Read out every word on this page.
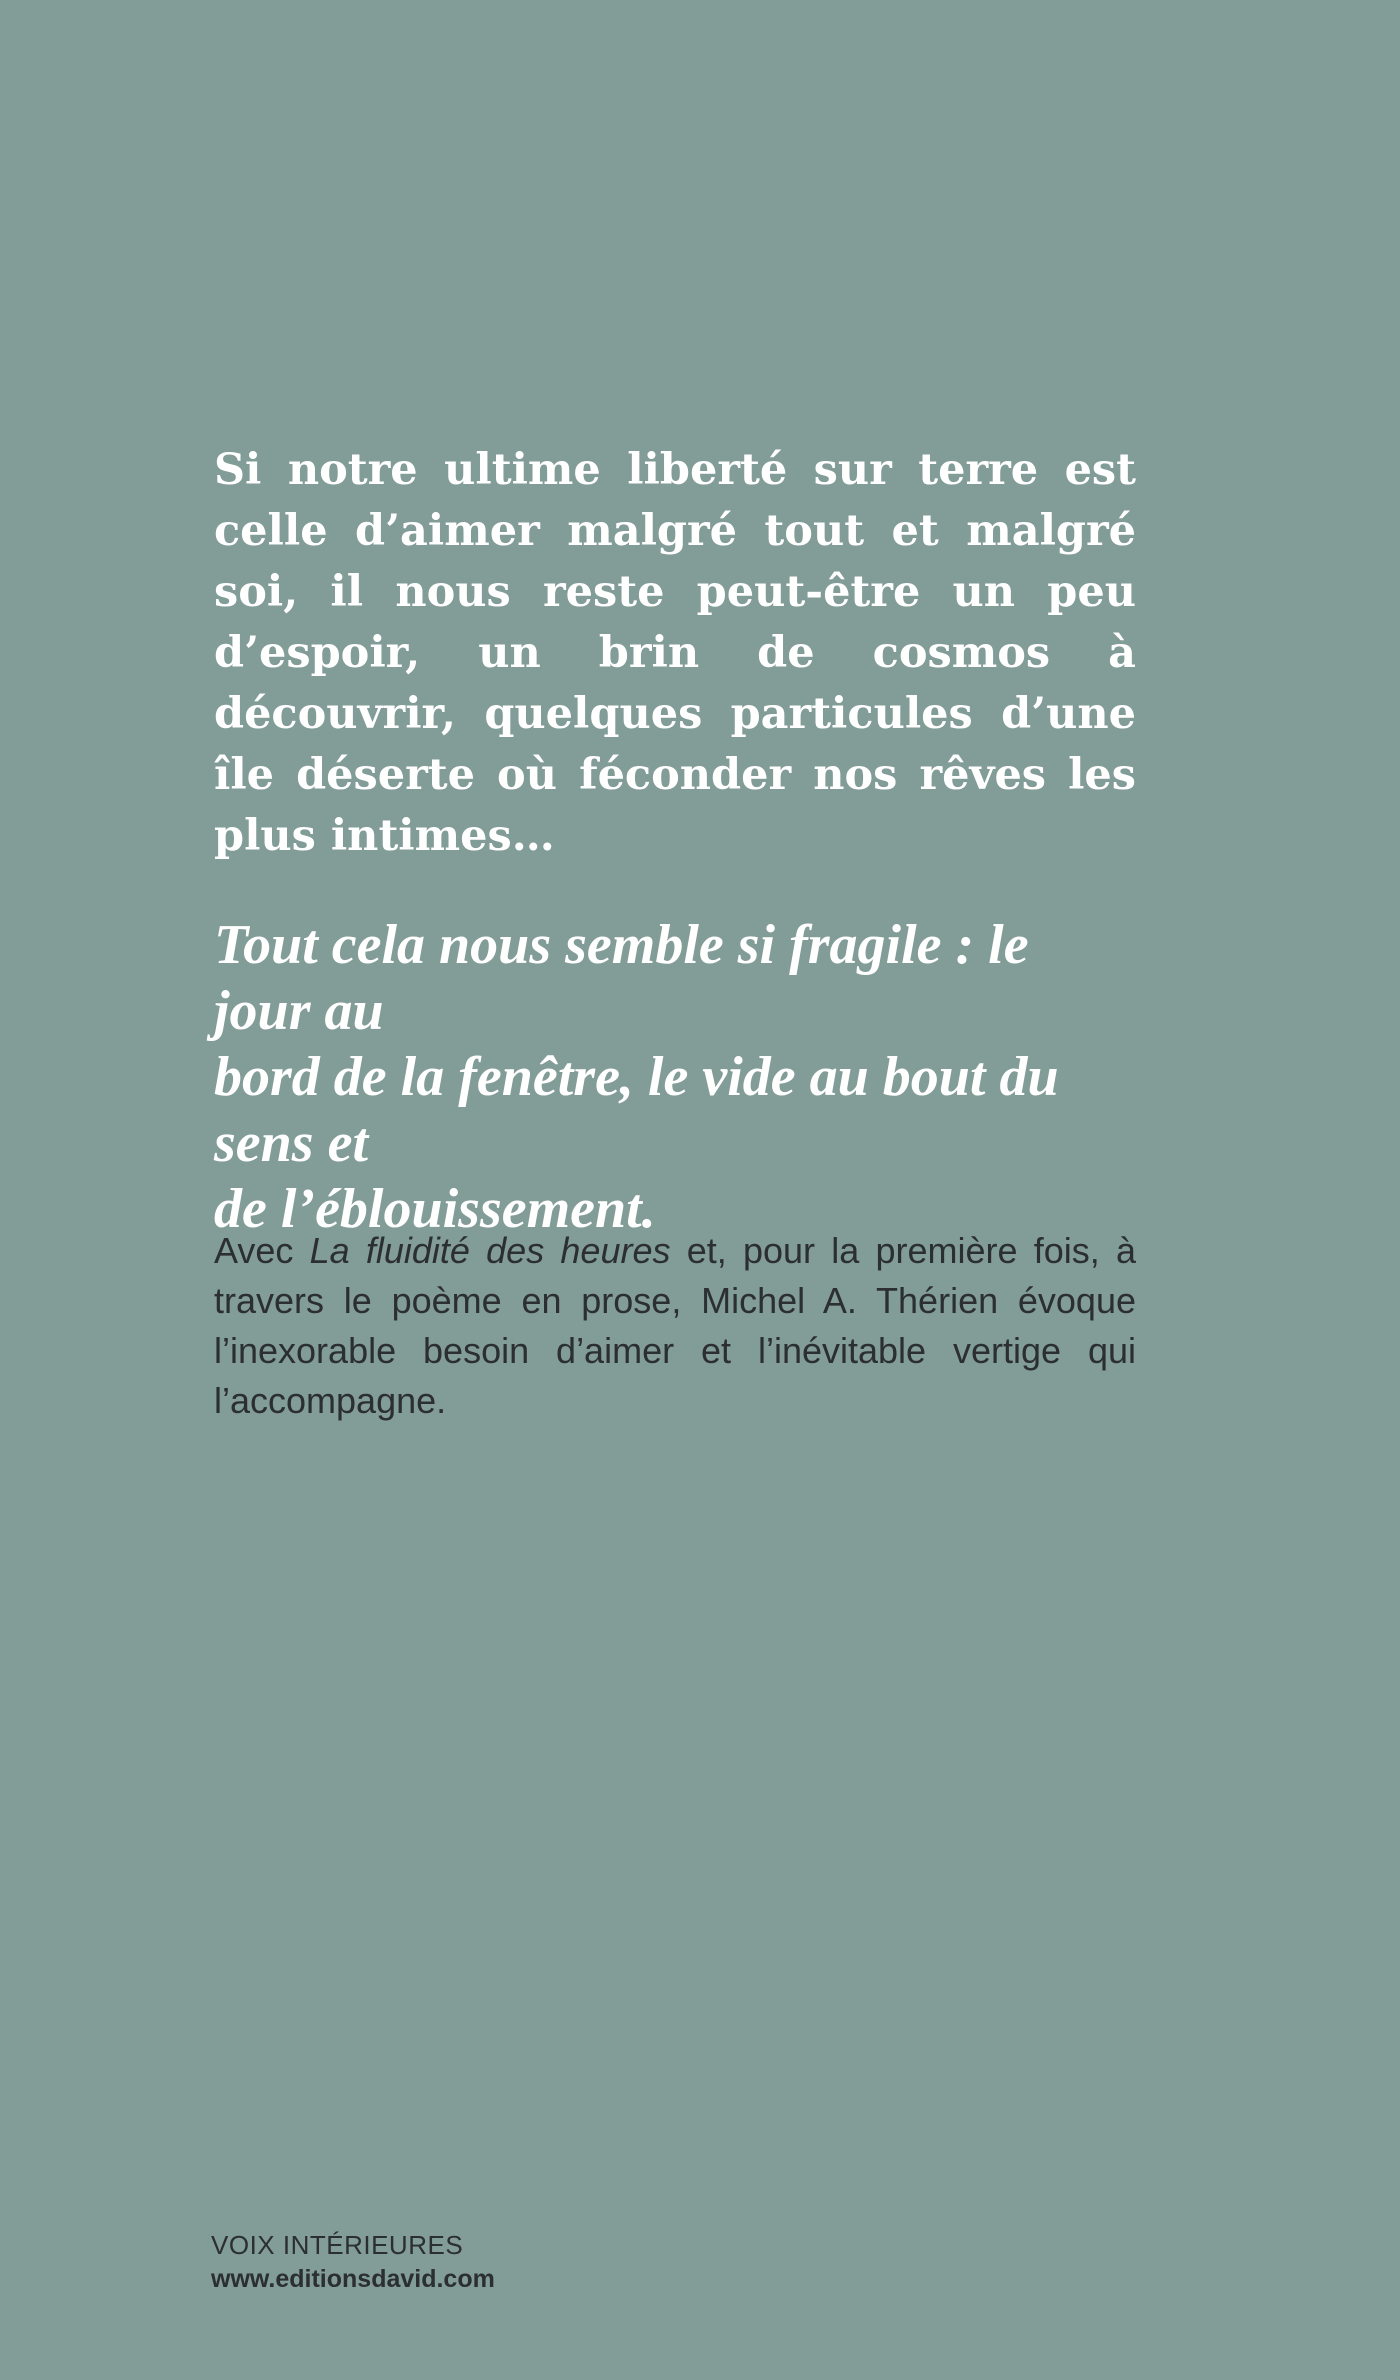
Si notre ultime liberté sur terre est celle d’aimer malgré tout et malgré soi, il nous reste peut-être un peu d’espoir, un brin de cosmos à découvrir, quelques particules d’une île déserte où féconder nos rêves les plus intimes…

Tout cela nous semble si fragile : le jour au
bord de la fenêtre, le vide au bout du sens et
de l’éblouissement.

Avec La fluidité des heures et, pour la première fois, à travers le poème en prose, Michel A. Thérien évoque l’inexorable besoin d’aimer et l’inévitable vertige qui l’accompagne.

VOIX INTÉRIEURES
www.editionsdavid.com
